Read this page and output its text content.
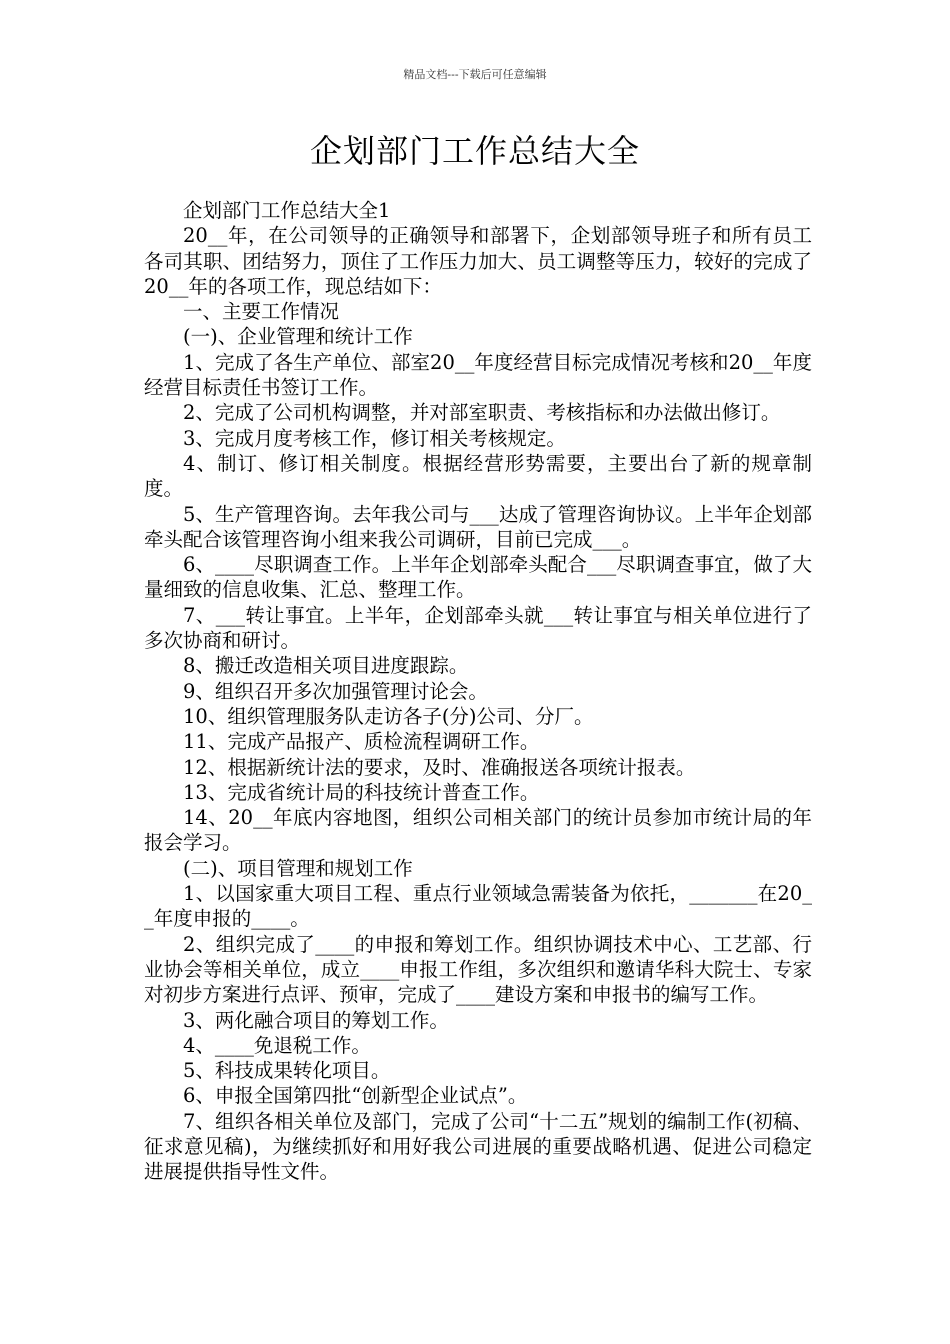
精品文档---下载后可任意编辑
企划部门工作总结大全

企划部门工作总结大全1

20__年，在公司领导的正确领导和部署下，企划部领导班子和所有员工各司其职、团结努力，顶住了工作压力加大、员工调整等压力，较好的完成了20__年的各项工作，现总结如下：

一、主要工作情况

(一)、企业管理和统计工作

1、完成了各生产单位、部室20__年度经营目标完成情况考核和20__年度经营目标责任书签订工作。

2、完成了公司机构调整，并对部室职责、考核指标和办法做出修订。

3、完成月度考核工作，修订相关考核规定。

4、制订、修订相关制度。根据经营形势需要，主要出台了新的规章制度。

5、生产管理咨询。去年我公司与___达成了管理咨询协议。上半年企划部牵头配合该管理咨询小组来我公司调研，目前已完成___。

6、____尽职调查工作。上半年企划部牵头配合___尽职调查事宜，做了大量细致的信息收集、汇总、整理工作。

7、___转让事宜。上半年，企划部牵头就___转让事宜与相关单位进行了多次协商和研讨。

8、搬迁改造相关项目进度跟踪。

9、组织召开多次加强管理讨论会。

10、组织管理服务队走访各子(分)公司、分厂。

11、完成产品报产、质检流程调研工作。

12、根据新统计法的要求，及时、准确报送各项统计报表。

13、完成省统计局的科技统计普查工作。

14、20__年底内容地图，组织公司相关部门的统计员参加市统计局的年报会学习。

(二)、项目管理和规划工作

1、以国家重大项目工程、重点行业领域急需装备为依托，_______在20__年度申报的____。

2、组织完成了____的申报和筹划工作。组织协调技术中心、工艺部、行业协会等相关单位，成立____申报工作组，多次组织和邀请华科大院士、专家对初步方案进行点评、预审，完成了____建设方案和申报书的编写工作。

3、两化融合项目的筹划工作。

4、____免退税工作。

5、科技成果转化项目。

6、申报全国第四批“创新型企业试点”。

7、组织各相关单位及部门，完成了公司“十二五”规划的编制工作(初稿、征求意见稿)，为继续抓好和用好我公司进展的重要战略机遇、促进公司稳定进展提供指导性文件。
